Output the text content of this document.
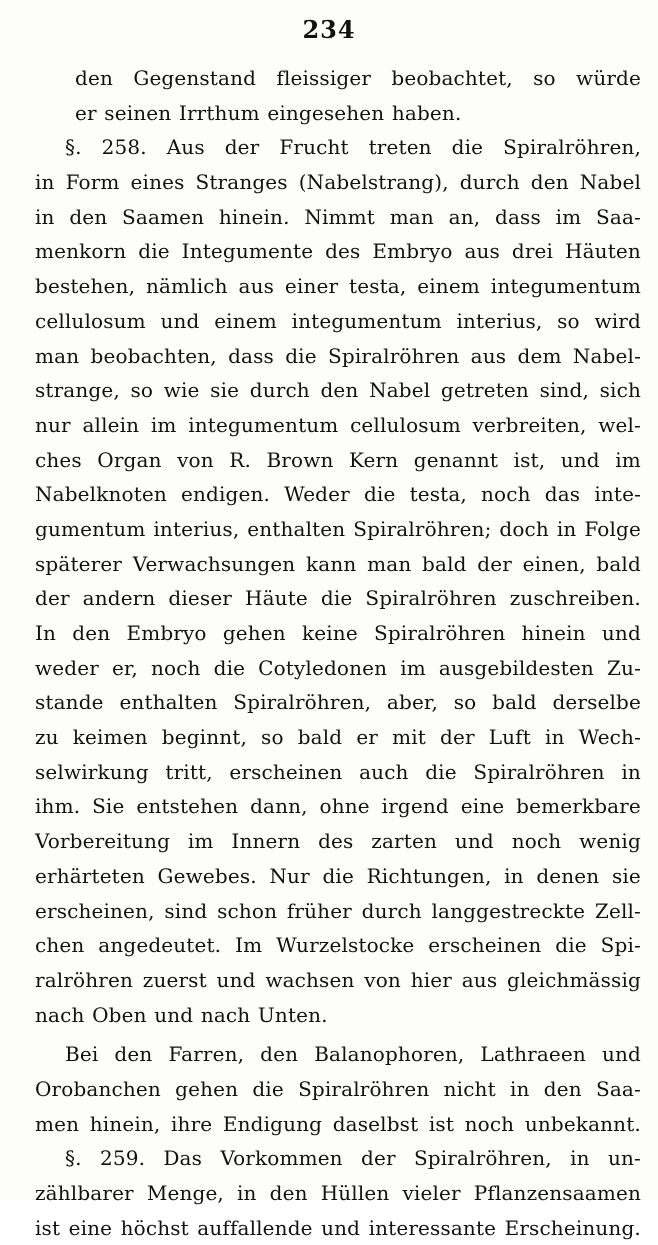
234
den Gegenstand fleissiger beobachtet, so würde
er seinen Irrthum eingesehen haben.
§. 258. Aus der Frucht treten die Spiralröhren,
in Form eines Stranges (Nabelstrang), durch den Nabel
in den Saamen hinein. Nimmt man an, dass im Saa-
menkorn die Integumente des Embryo aus drei Häuten
bestehen, nämlich aus einer testa, einem integumentum
cellulosum und einem integumentum interius, so wird
man beobachten, dass die Spiralröhren aus dem Nabel-
strange, so wie sie durch den Nabel getreten sind, sich
nur allein im integumentum cellulosum verbreiten, wel-
ches Organ von R. Brown Kern genannt ist, und im
Nabelknoten endigen. Weder die testa, noch das inte-
gumentum interius, enthalten Spiralröhren; doch in Folge
späterer Verwachsungen kann man bald der einen, bald
der andern dieser Häute die Spiralröhren zuschreiben.
In den Embryo gehen keine Spiralröhren hinein und
weder er, noch die Cotyledonen im ausgebildesten Zu-
stande enthalten Spiralröhren, aber, so bald derselbe
zu keimen beginnt, so bald er mit der Luft in Wech-
selwirkung tritt, erscheinen auch die Spiralröhren in
ihm. Sie entstehen dann, ohne irgend eine bemerkbare
Vorbereitung im Innern des zarten und noch wenig
erhärteten Gewebes. Nur die Richtungen, in denen sie
erscheinen, sind schon früher durch langgestreckte Zell-
chen angedeutet. Im Wurzelstocke erscheinen die Spi-
ralröhren zuerst und wachsen von hier aus gleichmässig
nach Oben und nach Unten.
Bei den Farren, den Balanophoren, Lathraeen und
Orobanchen gehen die Spiralröhren nicht in den Saa-
men hinein, ihre Endigung daselbst ist noch unbekannt.
§. 259. Das Vorkommen der Spiralröhren, in un-
zählbarer Menge, in den Hüllen vieler Pflanzensaamen
ist eine höchst auffallende und interessante Erscheinung.
